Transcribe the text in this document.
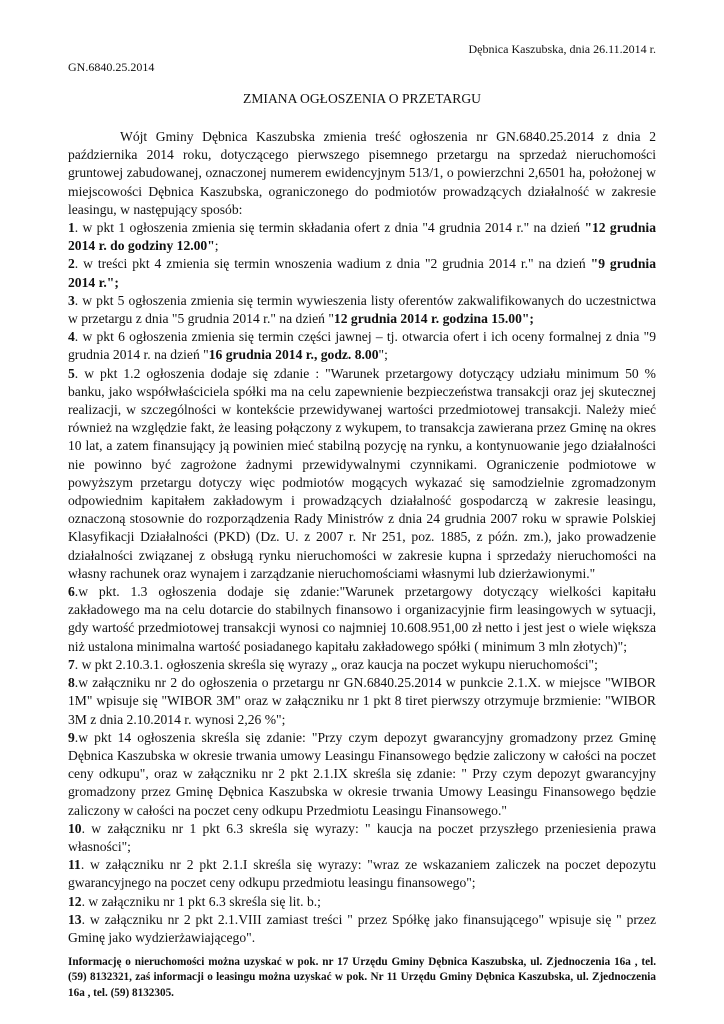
Dębnica Kaszubska, dnia 26.11.2014 r.
GN.6840.25.2014
ZMIANA OGŁOSZENIA O PRZETARGU

Wójt Gminy Dębnica Kaszubska zmienia treść ogłoszenia nr GN.6840.25.2014 z dnia 2 października 2014 roku, dotyczącego pierwszego pisemnego przetargu na sprzedaż nieruchomości gruntowej zabudowanej, oznaczonej numerem ewidencyjnym 513/1, o powierzchni 2,6501 ha, położonej w miejscowości Dębnica Kaszubska, ograniczonego do podmiotów prowadzących działalność w zakresie leasingu, w następujący sposób:

1. w pkt 1 ogłoszenia zmienia się termin składania ofert z dnia "4 grudnia 2014 r." na dzień "12 grudnia 2014 r. do godziny 12.00";

2. w treści pkt 4 zmienia się termin wnoszenia wadium z dnia "2 grudnia 2014 r." na dzień "9 grudnia 2014 r.";

3. w pkt 5 ogłoszenia zmienia się termin wywieszenia listy oferentów zakwalifikowanych do uczestnictwa w przetargu z dnia "5 grudnia 2014 r." na dzień "12 grudnia 2014 r. godzina 15.00";

4. w pkt 6 ogłoszenia zmienia się termin części jawnej – tj. otwarcia ofert i ich oceny formalnej z dnia "9 grudnia 2014 r. na dzień "16 grudnia 2014 r., godz. 8.00";

5. w pkt 1.2 ogłoszenia dodaje się zdanie : "Warunek przetargowy dotyczący udziału minimum 50 % banku, jako współwłaściciela spółki ma na celu zapewnienie bezpieczeństwa transakcji oraz jej skutecznej realizacji, w szczególności w kontekście przewidywanej wartości przedmiotowej transakcji. Należy mieć również na względzie fakt, że leasing połączony z wykupem, to transakcja zawierana przez Gminę na okres 10 lat, a zatem finansujący ją powinien mieć stabilną pozycję na rynku, a kontynuowanie jego działalności nie powinno być zagrożone żadnymi przewidywalnymi czynnikami. Ograniczenie podmiotowe w powyższym przetargu dotyczy więc podmiotów mogących wykazać się samodzielnie zgromadzonym odpowiednim kapitałem zakładowym i prowadzących działalność gospodarczą w zakresie leasingu, oznaczoną stosownie do rozporządzenia Rady Ministrów z dnia 24 grudnia 2007 roku w sprawie Polskiej Klasyfikacji Działalności (PKD) (Dz. U. z 2007 r. Nr 251, poz. 1885, z późn. zm.), jako prowadzenie działalności związanej z obsługą rynku nieruchomości w zakresie kupna i sprzedaży nieruchomości na własny rachunek oraz wynajem i zarządzanie nieruchomościami własnymi lub dzierżawionymi."

6.w pkt. 1.3 ogłoszenia dodaje się zdanie:"Warunek przetargowy dotyczący wielkości kapitału zakładowego ma na celu dotarcie do stabilnych finansowo i organizacyjnie firm leasingowych w sytuacji, gdy wartość przedmiotowej transakcji wynosi co najmniej 10.608.951,00 zł netto i jest jest o wiele większa niż ustalona minimalna wartość posiadanego kapitału zakładowego spółki ( minimum 3 mln złotych)";

7. w pkt 2.10.3.1. ogłoszenia skreśla się wyrazy „ oraz kaucja na poczet wykupu nieruchomości";

8.w załączniku nr 2 do ogłoszenia o przetargu nr GN.6840.25.2014 w punkcie 2.1.X. w miejsce "WIBOR 1M" wpisuje się "WIBOR 3M" oraz w załączniku nr 1 pkt 8 tiret pierwszy otrzymuje brzmienie: "WIBOR 3M z dnia 2.10.2014 r. wynosi 2,26 %";

9.w pkt 14 ogłoszenia skreśla się zdanie: "Przy czym depozyt gwarancyjny gromadzony przez Gminę Dębnica Kaszubska w okresie trwania umowy Leasingu Finansowego będzie zaliczony w całości na poczet ceny odkupu", oraz w załączniku nr 2 pkt 2.1.IX skreśla się zdanie: " Przy czym depozyt gwarancyjny gromadzony przez Gminę Dębnica Kaszubska w okresie trwania Umowy Leasingu Finansowego będzie zaliczony w całości na poczet ceny odkupu Przedmiotu Leasingu Finansowego."

10. w załączniku nr 1 pkt 6.3 skreśla się wyrazy: " kaucja na poczet przyszłego przeniesienia prawa własności";

11. w załączniku nr 2 pkt 2.1.I skreśla się wyrazy: "wraz ze wskazaniem zaliczek na poczet depozytu gwarancyjnego na poczet ceny odkupu przedmiotu leasingu finansowego";

12. w załączniku nr 1 pkt 6.3 skreśla się lit. b.;

13. w załączniku nr 2 pkt 2.1.VIII zamiast treści " przez Spółkę jako finansującego" wpisuje się " przez Gminę jako wydzierżawiającego".

Informację o nieruchomości można uzyskać w pok. nr 17 Urzędu Gminy Dębnica Kaszubska, ul. Zjednoczenia 16a , tel. (59) 8132321, zaś informacji o leasingu można uzyskać w pok. Nr 11 Urzędu Gminy Dębnica Kaszubska, ul. Zjednoczenia 16a , tel. (59) 8132305.
